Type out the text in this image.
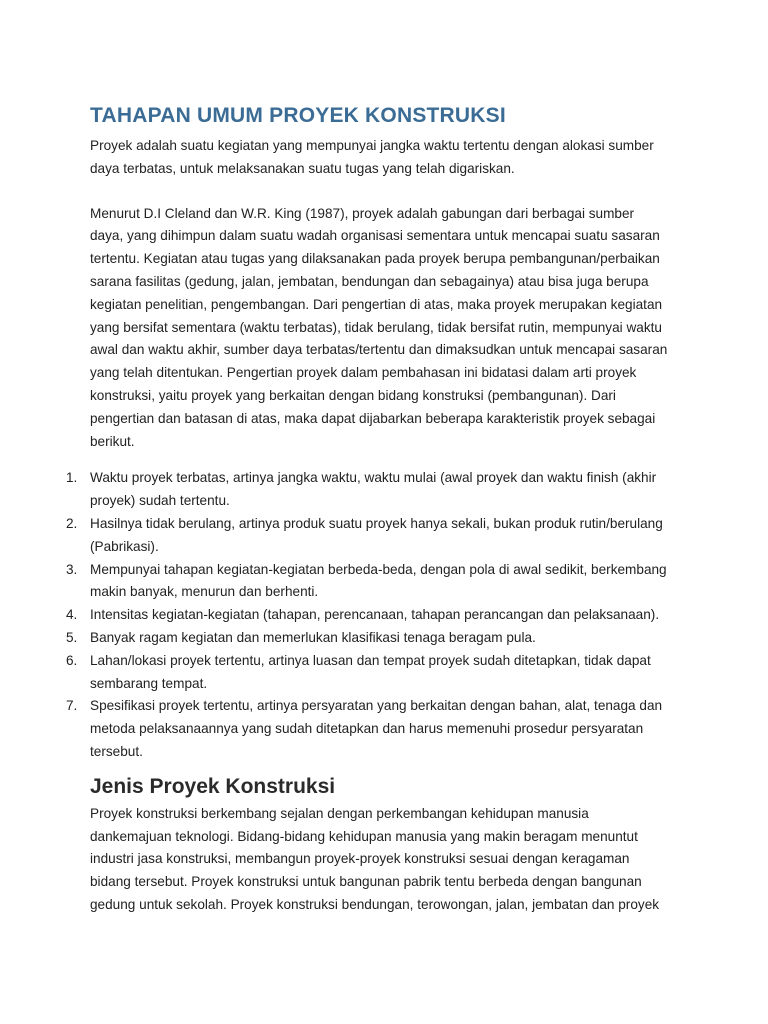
TAHAPAN UMUM PROYEK KONSTRUKSI

Proyek adalah suatu kegiatan yang mempunyai jangka waktu tertentu dengan alokasi sumber
daya terbatas, untuk melaksanakan suatu tugas yang telah digariskan.

Menurut D.I Cleland dan W.R. King (1987), proyek adalah gabungan dari berbagai sumber
daya, yang dihimpun dalam suatu wadah organisasi sementara untuk mencapai suatu sasaran
tertentu. Kegiatan atau tugas yang dilaksanakan pada proyek berupa pembangunan/perbaikan
sarana fasilitas (gedung, jalan, jembatan, bendungan dan sebagainya) atau bisa juga berupa
kegiatan penelitian, pengembangan. Dari pengertian di atas, maka proyek merupakan kegiatan
yang bersifat sementara (waktu terbatas), tidak berulang, tidak bersifat rutin, mempunyai waktu
awal dan waktu akhir, sumber daya terbatas/tertentu dan dimaksudkan untuk mencapai sasaran
yang telah ditentukan. Pengertian proyek dalam pembahasan ini bidatasi dalam arti proyek
konstruksi, yaitu proyek yang berkaitan dengan bidang konstruksi (pembangunan). Dari
pengertian dan batasan di atas, maka dapat dijabarkan beberapa karakteristik proyek sebagai
berikut.

1. Waktu proyek terbatas, artinya jangka waktu, waktu mulai (awal proyek dan waktu finish (akhir
proyek) sudah tertentu.
2. Hasilnya tidak berulang, artinya produk suatu proyek hanya sekali, bukan produk rutin/berulang
(Pabrikasi).
3. Mempunyai tahapan kegiatan-kegiatan berbeda-beda, dengan pola di awal sedikit, berkembang
makin banyak, menurun dan berhenti.
4. Intensitas kegiatan-kegiatan (tahapan, perencanaan, tahapan perancangan dan pelaksanaan).
5. Banyak ragam kegiatan dan memerlukan klasifikasi tenaga beragam pula.
6. Lahan/lokasi proyek tertentu, artinya luasan dan tempat proyek sudah ditetapkan, tidak dapat
sembarang tempat.
7. Spesifikasi proyek tertentu, artinya persyaratan yang berkaitan dengan bahan, alat, tenaga dan
metoda pelaksanaannya yang sudah ditetapkan dan harus memenuhi prosedur persyaratan
tersebut.
Jenis Proyek Konstruksi

Proyek konstruksi berkembang sejalan dengan perkembangan kehidupan manusia
dankemajuan teknologi. Bidang-bidang kehidupan manusia yang makin beragam menuntut
industri jasa konstruksi, membangun proyek-proyek konstruksi sesuai dengan keragaman
bidang tersebut. Proyek konstruksi untuk bangunan pabrik tentu berbeda dengan bangunan
gedung untuk sekolah. Proyek konstruksi bendungan, terowongan, jalan, jembatan dan proyek
